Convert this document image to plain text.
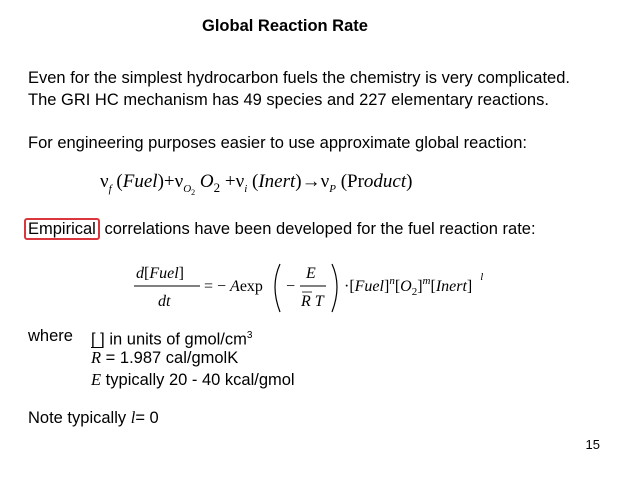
Global Reaction Rate
Even for the simplest hydrocarbon fuels the chemistry is very complicated.
The GRI HC mechanism has 49 species and 227 elementary reactions.
For engineering purposes easier to use approximate global reaction:
$\nu_f$ $(Fuel)+\nu_{O_2}$ $O_2 +\nu_i$ $(Inert)\to\nu_P$ (Product)
Empirical correlations have been developed for the fuel reaction rate:
d[Fuel]
dt
= − Aexp −
E
R T
$\cdot[Fuel]^n[O_2]^m[Inert]^l$
where [ ] in units of gmol/$cm^3$
$\overline{R} = 1.987$ cal/gmolK
E typically 20 - 40 kcal/gmol
Note typically l= 0
15
